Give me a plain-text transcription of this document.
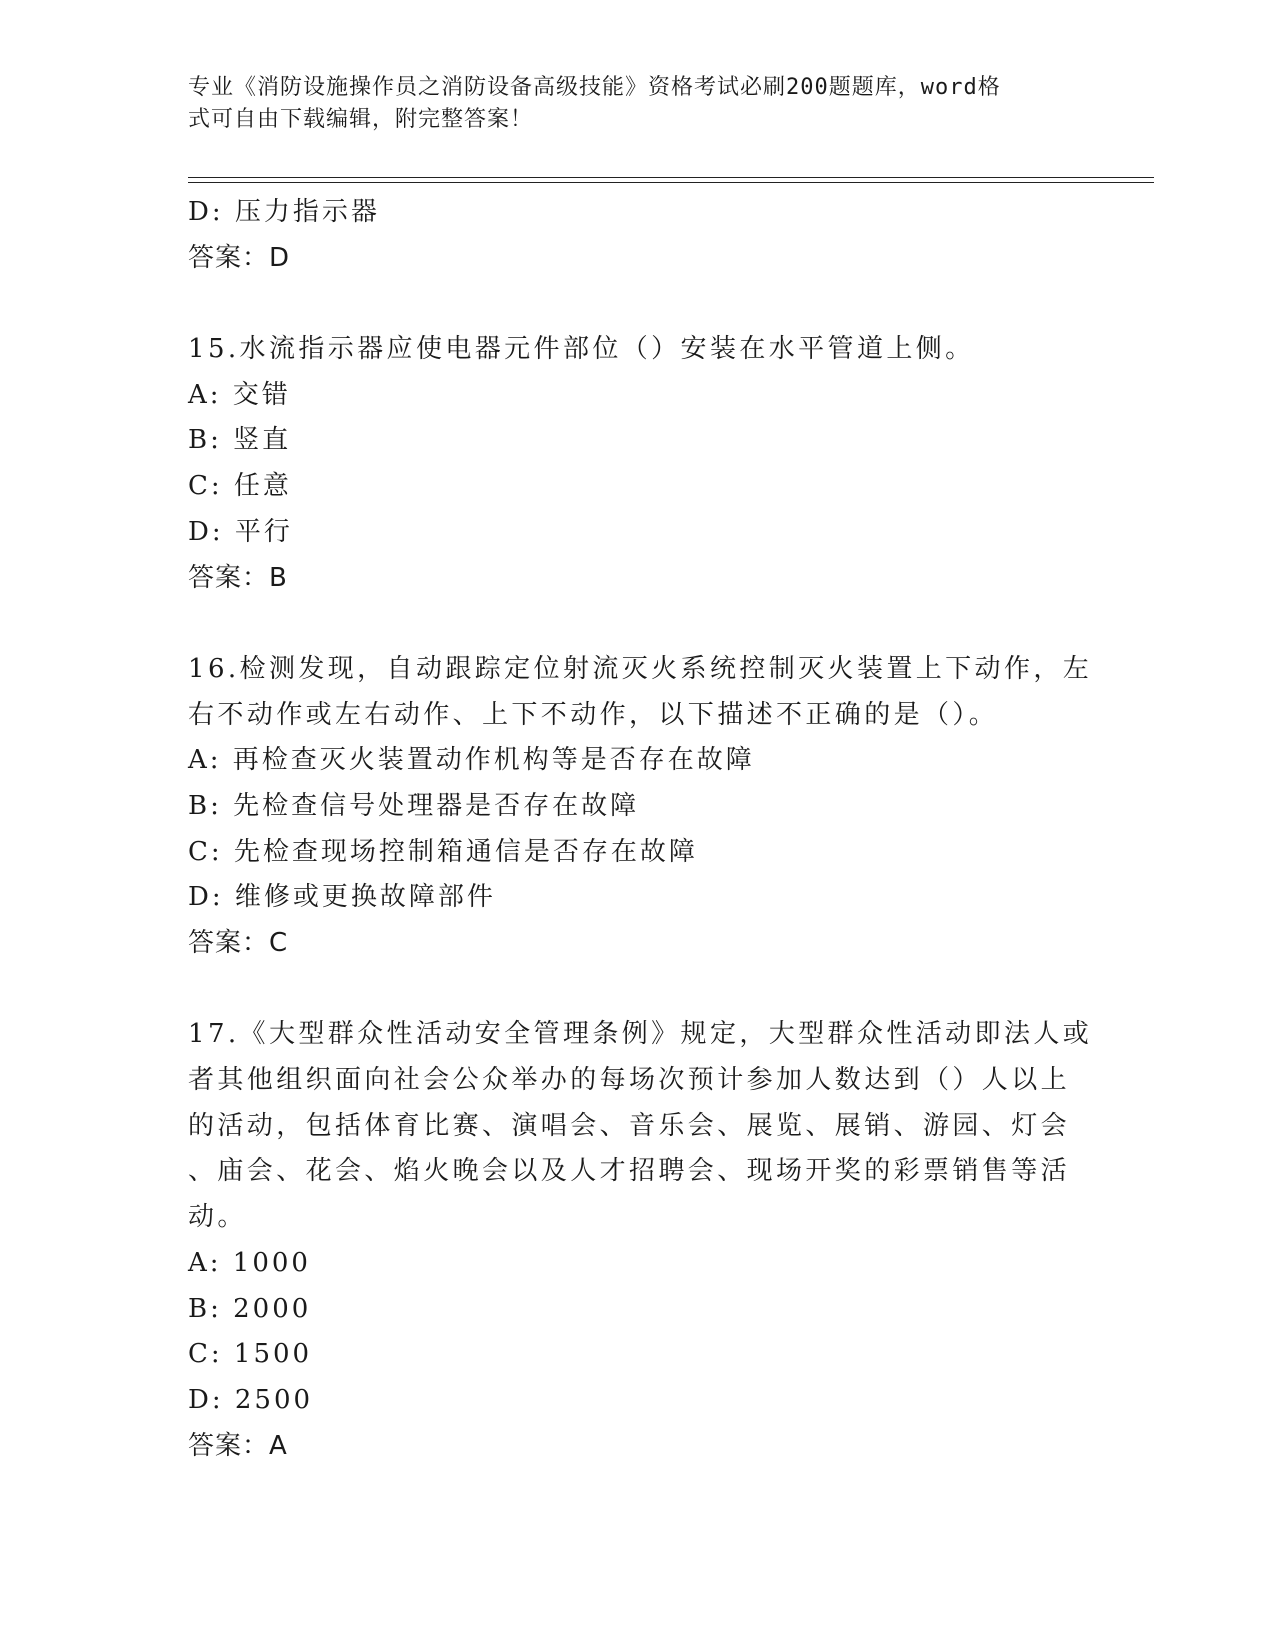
专业《消防设施操作员之消防设备高级技能》资格考试必刷200题题库，word格
式可自由下载编辑，附完整答案！
D: 压力指示器
答案：D
15.水流指示器应使电器元件部位（）安装在水平管道上侧。
A: 交错
B: 竖直
C: 任意
D: 平行
答案：B
16.检测发现，自动跟踪定位射流灭火系统控制灭火装置上下动作，左
右不动作或左右动作、上下不动作，以下描述不正确的是（）。
A: 再检查灭火装置动作机构等是否存在故障
B: 先检查信号处理器是否存在故障
C: 先检查现场控制箱通信是否存在故障
D: 维修或更换故障部件
答案：C
17.《大型群众性活动安全管理条例》规定，大型群众性活动即法人或
者其他组织面向社会公众举办的每场次预计参加人数达到（）人以上
的活动，包括体育比赛、演唱会、音乐会、展览、展销、游园、灯会
、庙会、花会、焰火晚会以及人才招聘会、现场开奖的彩票销售等活
动。
A: 1000
B: 2000
C: 1500
D: 2500
答案：A
